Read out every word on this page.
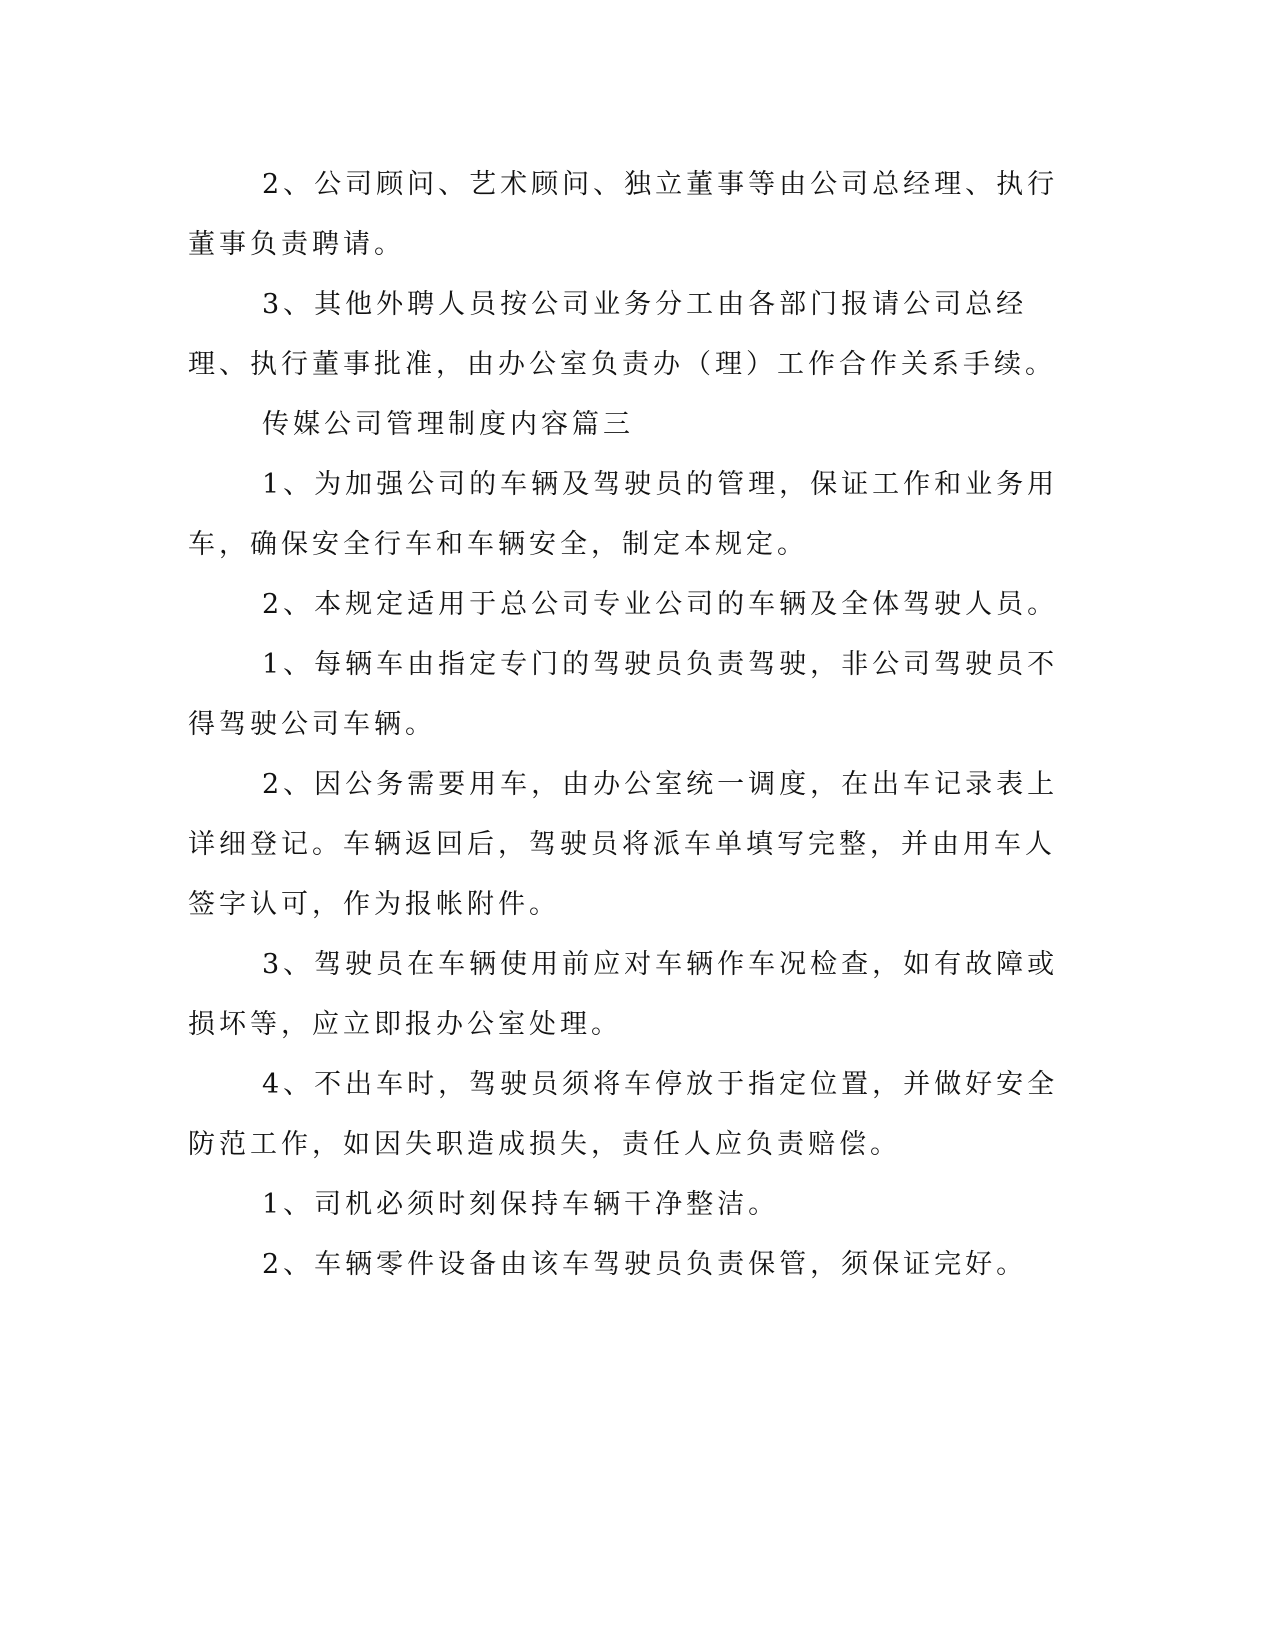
2、公司顾问、艺术顾问、独立董事等由公司总经理、执行董事负责聘请。

3、其他外聘人员按公司业务分工由各部门报请公司总经理、执行董事批准，由办公室负责办（理）工作合作关系手续。

传媒公司管理制度内容篇三

1、为加强公司的车辆及驾驶员的管理，保证工作和业务用车，确保安全行车和车辆安全，制定本规定。

2、本规定适用于总公司专业公司的车辆及全体驾驶人员。

1、每辆车由指定专门的驾驶员负责驾驶，非公司驾驶员不得驾驶公司车辆。

2、因公务需要用车，由办公室统一调度，在出车记录表上详细登记。车辆返回后，驾驶员将派车单填写完整，并由用车人签字认可，作为报帐附件。

3、驾驶员在车辆使用前应对车辆作车况检查，如有故障或损坏等，应立即报办公室处理。

4、不出车时，驾驶员须将车停放于指定位置，并做好安全防范工作，如因失职造成损失，责任人应负责赔偿。

1、司机必须时刻保持车辆干净整洁。

2、车辆零件设备由该车驾驶员负责保管，须保证完好。
